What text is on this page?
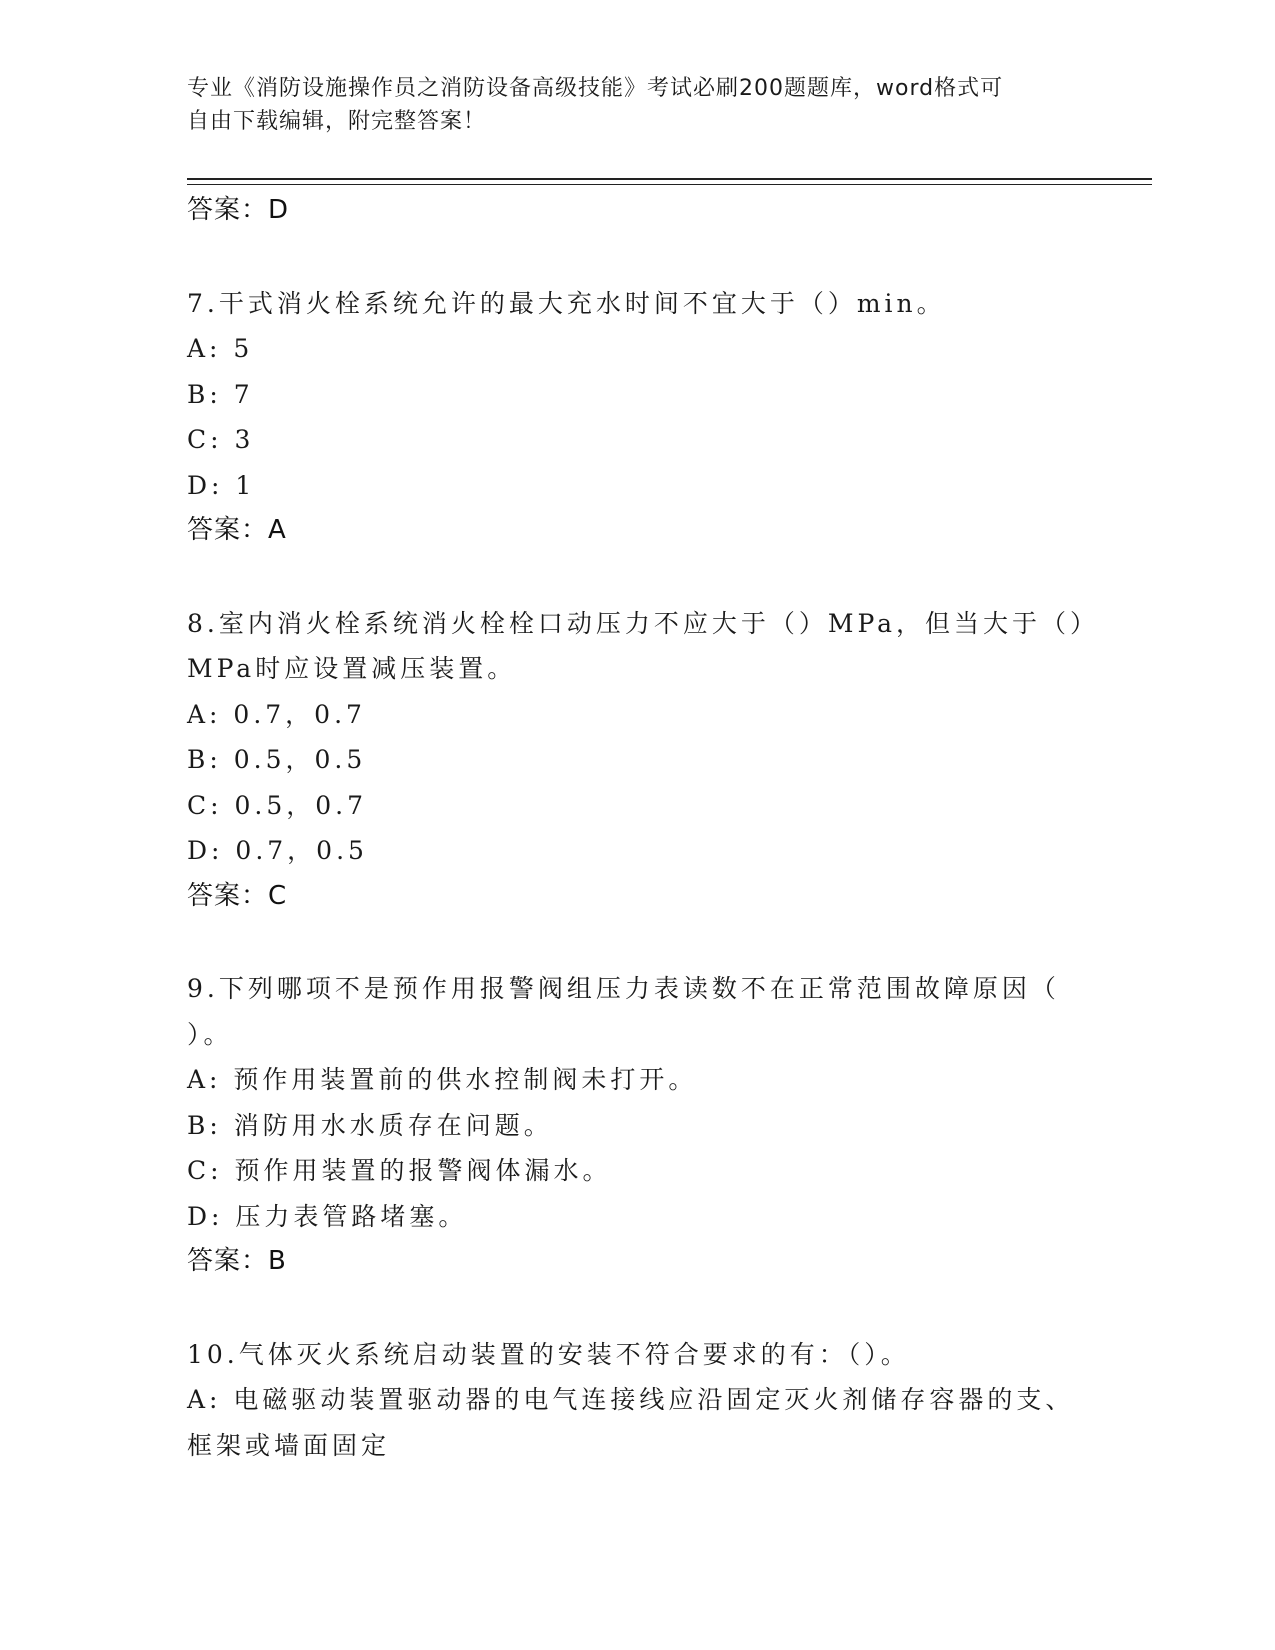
专业《消防设施操作员之消防设备高级技能》考试必刷200题题库，word格式可
自由下载编辑，附完整答案！
答案：D
7.干式消火栓系统允许的最大充水时间不宜大于（）min。
A: 5
B: 7
C: 3
D: 1
答案：A
8.室内消火栓系统消火栓栓口动压力不应大于（）MPa，但当大于（）
MPa时应设置减压装置。
A: 0.7，0.7
B: 0.5，0.5
C: 0.5，0.7
D: 0.7，0.5
答案：C
9.下列哪项不是预作用报警阀组压力表读数不在正常范围故障原因（
）。
A: 预作用装置前的供水控制阀未打开。
B: 消防用水水质存在问题。
C: 预作用装置的报警阀体漏水。
D: 压力表管路堵塞。
答案：B
10.气体灭火系统启动装置的安装不符合要求的有：（）。
A: 电磁驱动装置驱动器的电气连接线应沿固定灭火剂储存容器的支、
框架或墙面固定
